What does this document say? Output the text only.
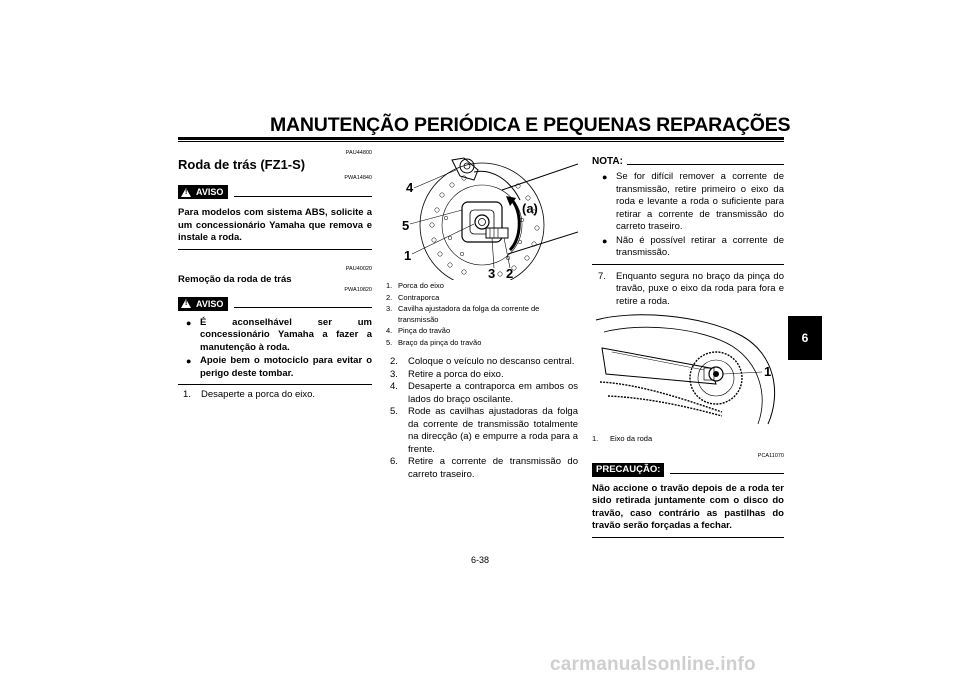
MANUTENÇÃO PERIÓDICA E PEQUENAS REPARAÇÕES
PAU44800
Roda de trás (FZ1-S)
PWA14840
! AVISO
Para modelos com sistema ABS, solicite a um concessionário Yamaha que remova e instale a roda.
PAU40020
Remoção da roda de trás
PWA10820
! AVISO
● É aconselhável ser um concessionário Yamaha a fazer a manutenção à roda.
● Apoie bem o motociclo para evitar o perigo deste tombar.
1.	Desaperte a porca do eixo.
4
5
1
3 2
(a)
1. Porca do eixo
2. Contraporca
3. Cavilha ajustadora da folga da corrente de transmissão
4. Pinça do travão
5. Braço da pinça do travão
2.	Coloque o veículo no descanso central.
3.	Retire a porca do eixo.
4.	Desaperte a contraporca em ambos os lados do braço oscilante.
5.	Rode as cavilhas ajustadoras da folga da corrente de transmissão totalmente na direcção (a) e empurre a roda para a frente.
6.	Retire a corrente de transmissão do carreto traseiro.
NOTA:
● Se for difícil remover a corrente de transmissão, retire primeiro o eixo da roda e levante a roda o suficiente para retirar a corrente de transmissão do carreto traseiro.
● Não é possível retirar a corrente de transmissão.
7.	Enquanto segura no braço da pinça do travão, puxe o eixo da roda para fora e retire a roda.
1
1.	Eixo da roda
PCA11070
PRECAUÇÃO:
Não accione o travão depois de a roda ter sido retirada juntamente com o disco do travão, caso contrário as pastilhas do travão serão forçadas a fechar.
6
6-38
carmanualsonline.info
